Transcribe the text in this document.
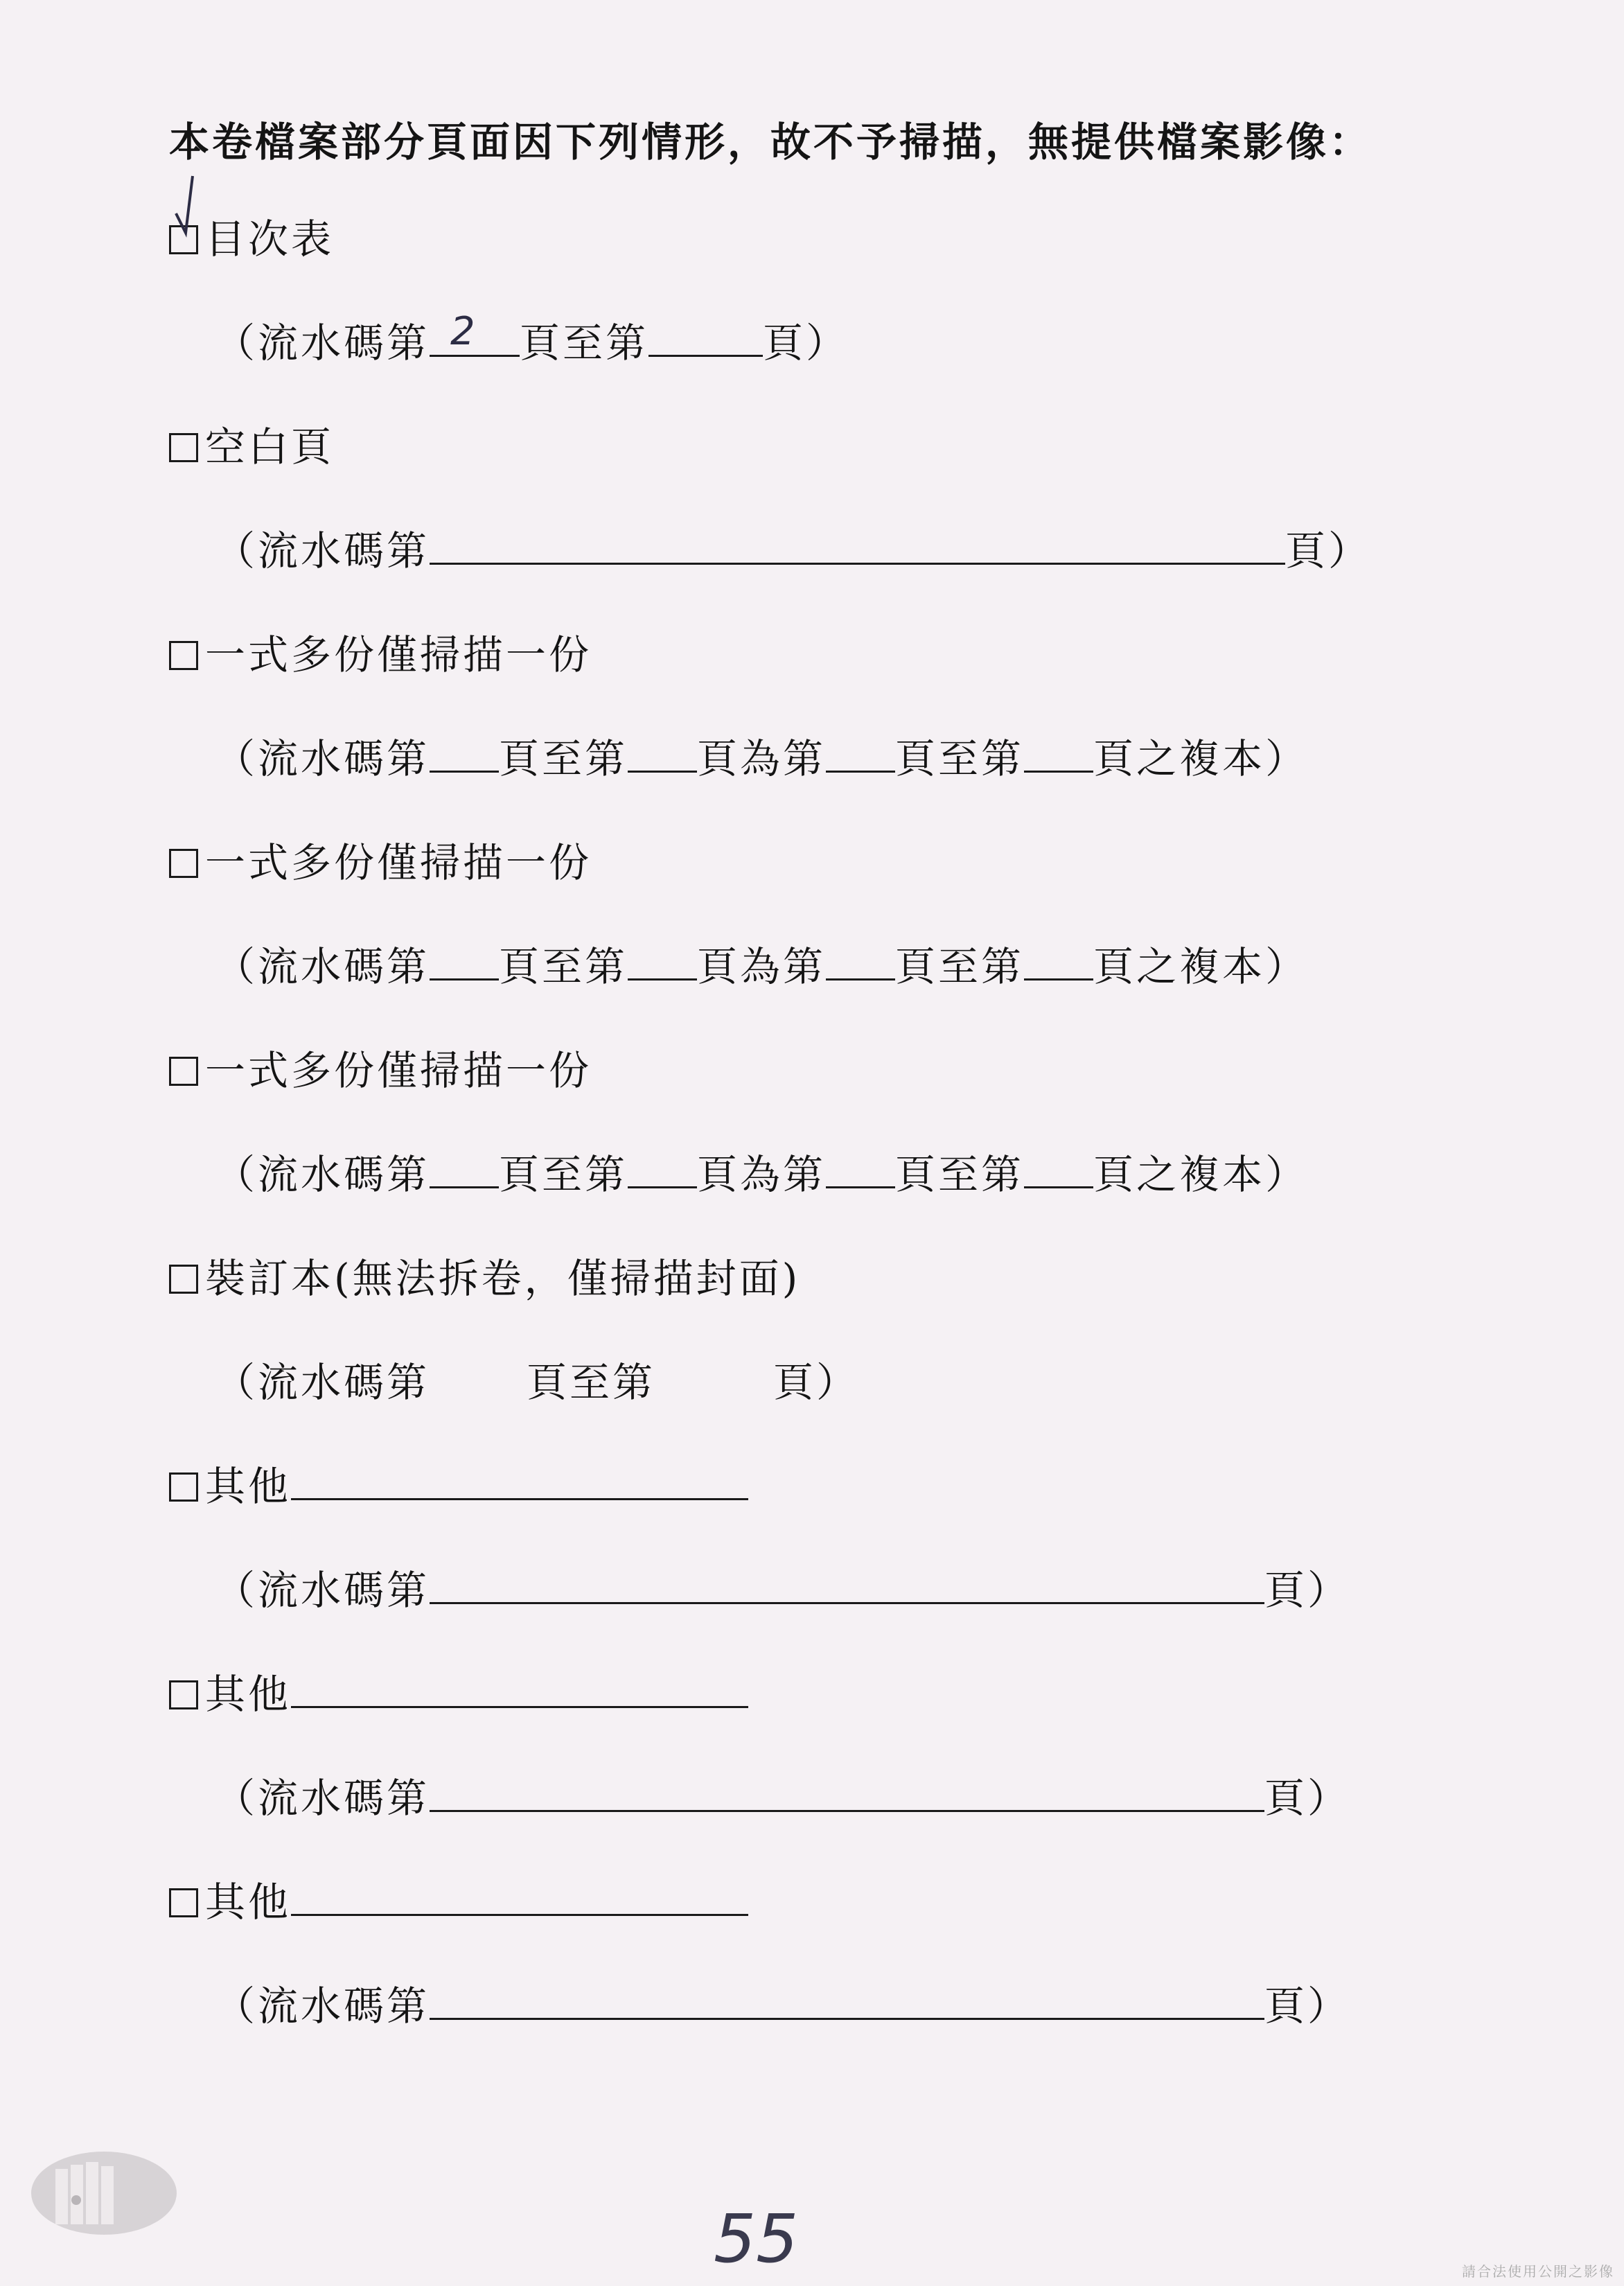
本卷檔案部分頁面因下列情形，故不予掃描，無提供檔案影像：
目次表
（流水碼第 2 頁至第	頁）
空白頁
（流水碼第	頁）
一式多份僅掃描一份
（流水碼第 頁至第 頁為第 頁至第 頁之複本）
一式多份僅掃描一份
（流水碼第 頁至第 頁為第 頁至第 頁之複本）
一式多份僅掃描一份
（流水碼第 頁至第 頁為第 頁至第 頁之複本）
裝訂本(無法拆卷，僅掃描封面)
（流水碼第 頁至第	頁）
其他
（流水碼第	頁）
其他
（流水碼第	頁）
其他
（流水碼第	頁）
55	請合法使用公開之影像
